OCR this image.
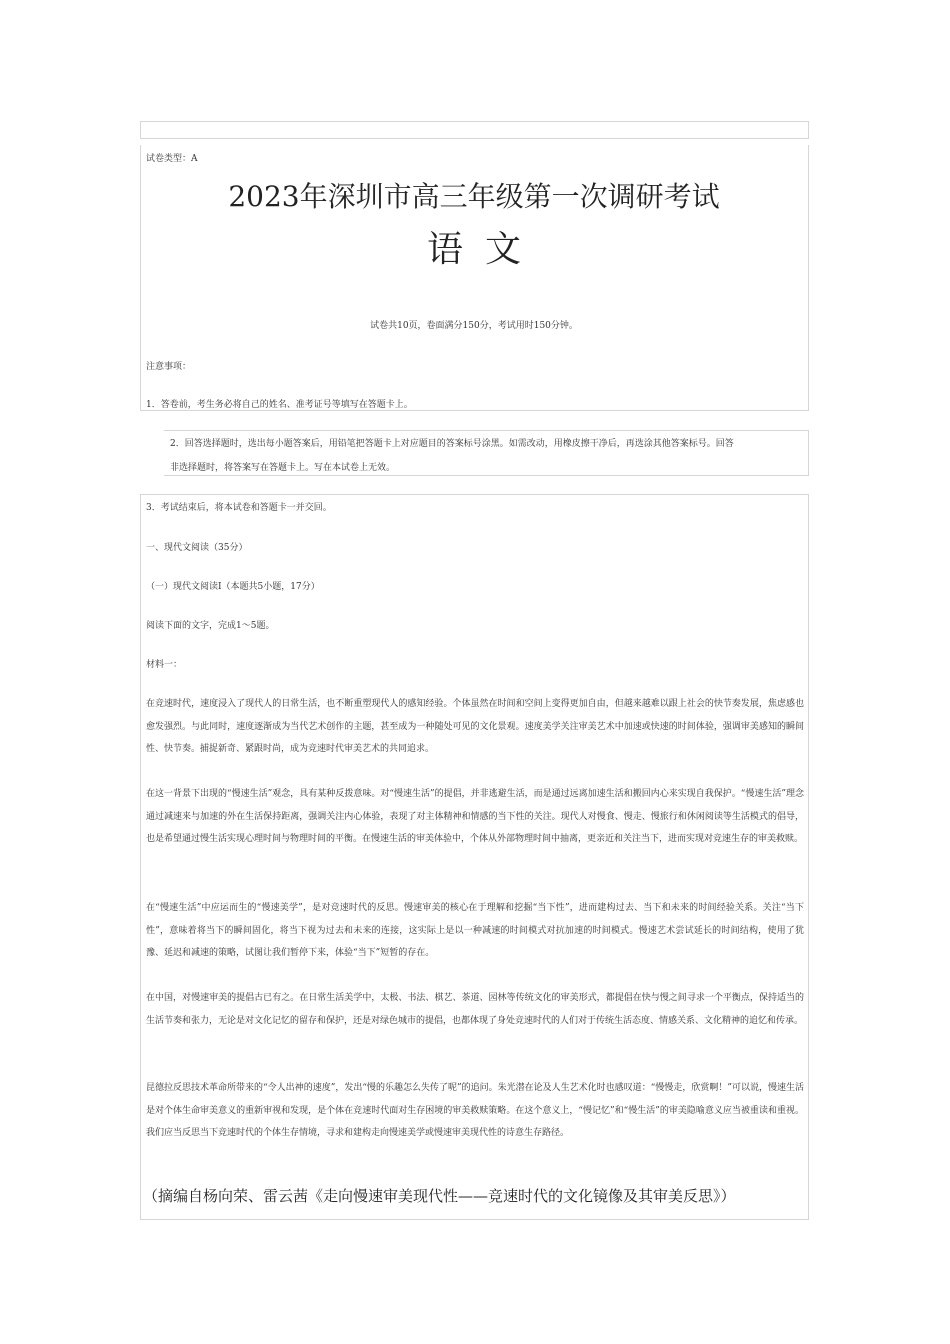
试卷类型：A
2023年深圳市高三年级第一次调研考试
语文
试卷共10页，卷面满分150分，考试用时150分钟。
注意事项：
1．答卷前，考生务必将自己的姓名、准考证号等填写在答题卡上。
2．回答选择题时，选出每小题答案后，用铅笔把答题卡上对应题目的答案标号涂黑。如需改动，用橡皮擦干净后，再选涂其他答案标号。回答
非选择题时，将答案写在答题卡上。写在本试卷上无效。
3．考试结束后，将本试卷和答题卡一并交回。
一、现代文阅读（35分）
（一）现代文阅读Ⅰ（本题共5小题，17分）
阅读下面的文字，完成1～5题。
材料一：

在竞速时代，速度浸入了现代人的日常生活，也不断重塑现代人的感知经验。个体虽然在时间和空间上变得更加自由，但越来越难以跟上社会的快节奏发展，焦虑感也愈发强烈。与此同时，速度逐渐成为当代艺术创作的主题，甚至成为一种随处可见的文化景观。速度美学关注审美艺术中加速或快速的时间体验，强调审美感知的瞬间性、快节奏。捕捉新奇、紧跟时尚，成为竞速时代审美艺术的共同追求。

在这一背景下出现的“慢速生活”观念，具有某种反拨意味。对“慢速生活”的提倡，并非逃避生活，而是通过远离加速生活和搬回内心来实现自我保护。“慢速生活”理念通过减速来与加速的外在生活保持距离，强调关注内心体验，表现了对主体精神和情感的当下性的关注。现代人对慢食、慢走、慢旅行和休闲阅读等生活模式的倡导，也是希望通过慢生活实现心理时间与物理时间的平衡。在慢速生活的审美体验中，个体从外部物理时间中抽离，更亲近和关注当下，进而实现对竞速生存的审美救赎。

在“慢速生活”中应运而生的“慢速美学”，是对竞速时代的反思。慢速审美的核心在于理解和挖掘“当下性”，进而建构过去、当下和未来的时间经验关系。关注“当下性”，意味着将当下的瞬间固化，将当下视为过去和未来的连接，这实际上是以一种减速的时间模式对抗加速的时间模式。慢速艺术尝试延长的时间结构，使用了犹豫、延迟和减速的策略，试图让我们暂停下来，体验“当下”短暂的存在。

在中国，对慢速审美的提倡古已有之。在日常生活美学中，太极、书法、棋艺、茶道、园林等传统文化的审美形式，都提倡在快与慢之间寻求一个平衡点，保持适当的生活节奏和张力，无论是对文化记忆的留存和保护，还是对绿色城市的提倡，也都体现了身处竞速时代的人们对于传统生活态度、情感关系、文化精神的追忆和传承。

昆德拉反思技术革命所带来的“令人出神的速度”，发出“慢的乐趣怎么失传了呢”的追问。朱光潜在论及人生艺术化时也感叹道：“慢慢走，欣赏啊！”可以说，慢速生活是对个体生命审美意义的重新审视和发现，是个体在竞速时代面对生存困境的审美救赎策略。在这个意义上，“慢记忆”和“慢生活”的审美隐喻意义应当被重读和重视。我们应当反思当下竞速时代的个体生存情境，寻求和建构走向慢速美学或慢速审美现代性的诗意生存路径。

（摘编自杨向荣、雷云茜《走向慢速审美现代性——竞速时代的文化镜像及其审美反思》）
